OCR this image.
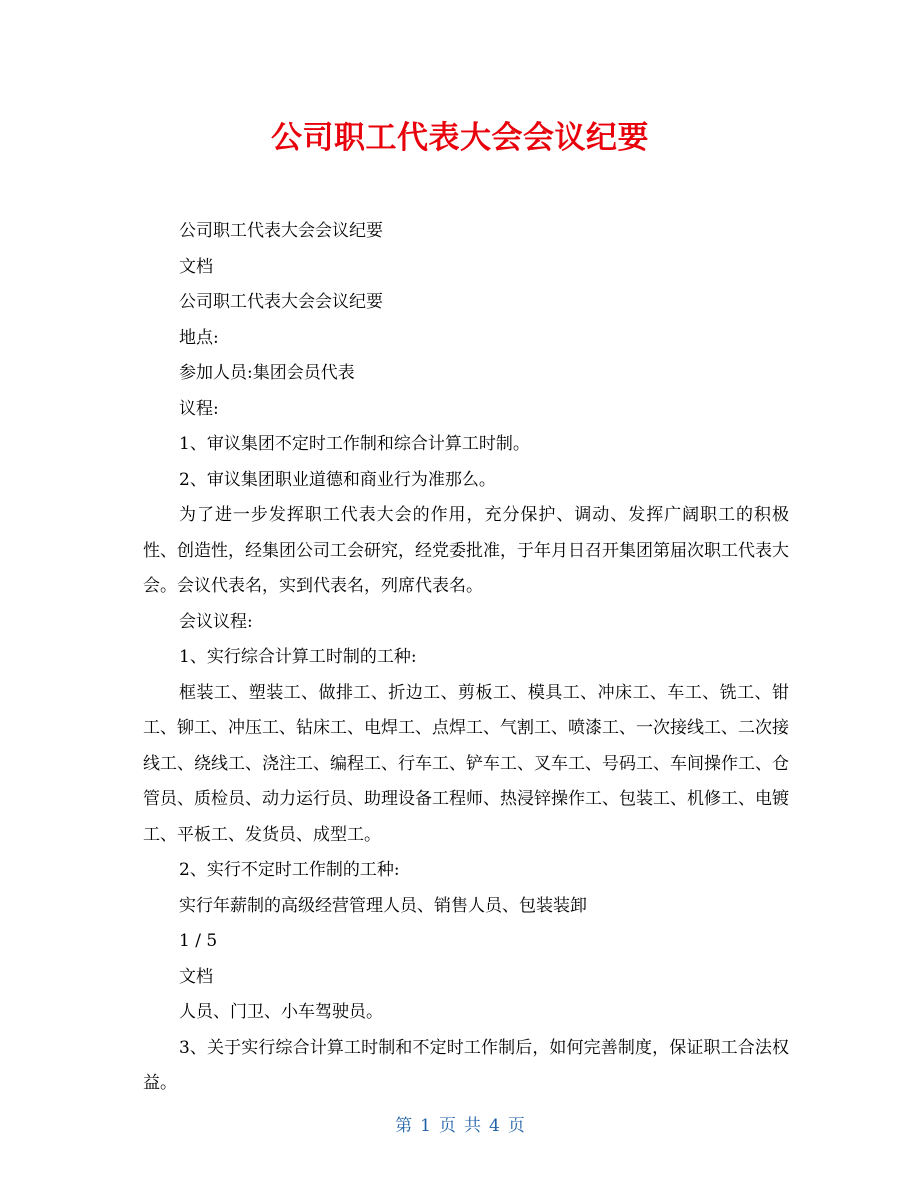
公司职工代表大会会议纪要

公司职工代表大会会议纪要

文档

公司职工代表大会会议纪要

地点:

参加人员:集团会员代表

议程:

1、审议集团不定时工作制和综合计算工时制。

2、审议集团职业道德和商业行为准那么。

为了进一步发挥职工代表大会的作用，充分保护、调动、发挥广阔职工的积极性、创造性，经集团公司工会研究，经党委批准，于年月日召开集团第届次职工代表大会。会议代表名，实到代表名，列席代表名。

会议议程:

1、实行综合计算工时制的工种:

框装工、塑装工、做排工、折边工、剪板工、模具工、冲床工、车工、铣工、钳工、铆工、冲压工、钻床工、电焊工、点焊工、气割工、喷漆工、一次接线工、二次接线工、绕线工、浇注工、编程工、行车工、铲车工、叉车工、号码工、车间操作工、仓管员、质检员、动力运行员、助理设备工程师、热浸锌操作工、包装工、机修工、电镀工、平板工、发货员、成型工。

2、实行不定时工作制的工种:

实行年薪制的高级经营管理人员、销售人员、包装装卸

1 / 5

文档

人员、门卫、小车驾驶员。

3、关于实行综合计算工时制和不定时工作制后，如何完善制度，保证职工合法权益。

第 1 页 共 4 页
